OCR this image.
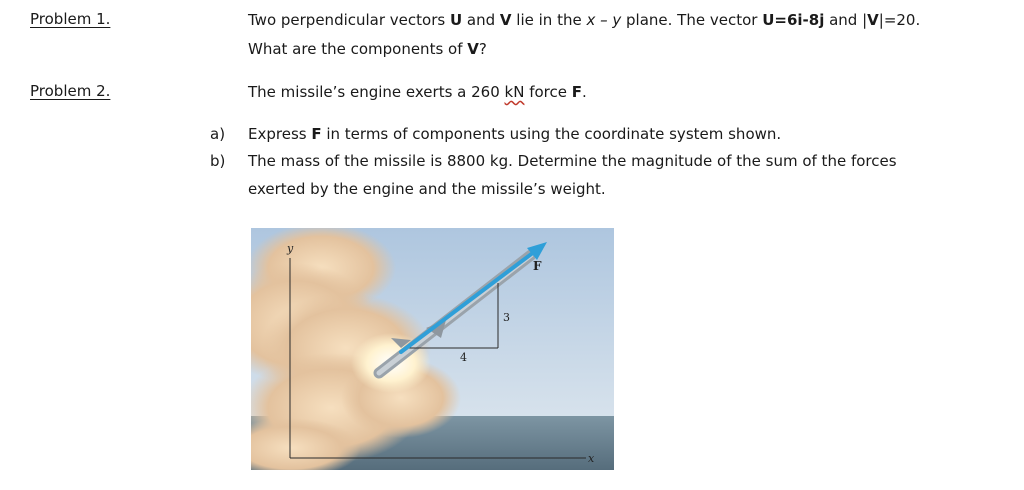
Problem 1.	Two perpendicular vectors U and V lie in the x – y plane. The vector U=6i-8j and |V|=20.
What are the components of V?
Problem 2.	The missile’s engine exerts a 260 kN force F.
a) Express F in terms of components using the coordinate system shown.
b) The mass of the missile is 8800 kg. Determine the magnitude of the sum of the forces
exerted by the engine and the missile’s weight.
y
x
F
3
4
